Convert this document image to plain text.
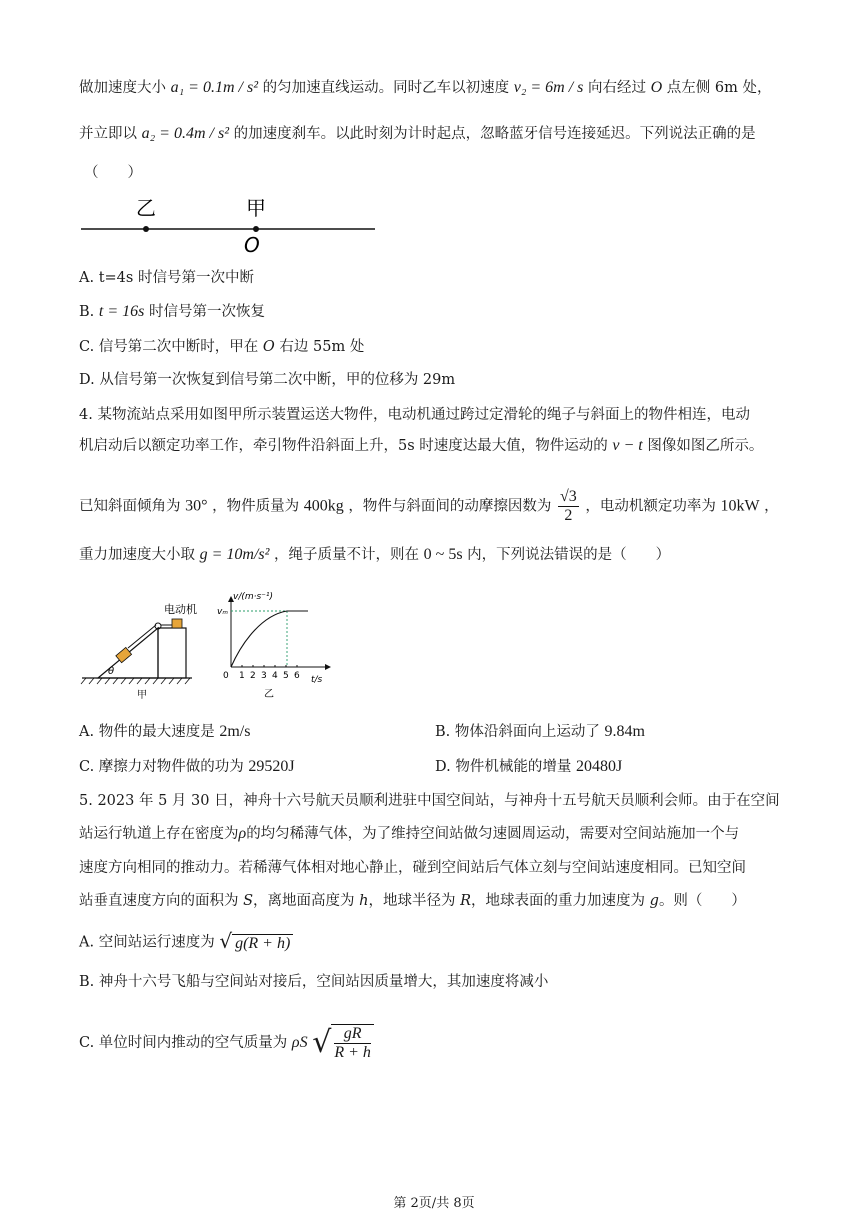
做加速度大小 a₁ = 0.1m / s² 的匀加速直线运动。同时乙车以初速度 v₂ = 6m / s 向右经过 O 点左侧 6m 处，
并立即以 a₂ = 0.4m / s² 的加速度刹车。以此时刻为计时起点，忽略蓝牙信号连接延迟。下列说法正确的是
（　　）
乙	甲
O
A. t=4s 时信号第一次中断
B. t = 16s 时信号第一次恢复
C. 信号第二次中断时，甲在 O 右边 55m 处
D. 从信号第一次恢复到信号第二次中断，甲的位移为 29m
4. 某物流站点采用如图甲所示装置运送大物件，电动机通过跨过定滑轮的绳子与斜面上的物件相连，电动
机启动后以额定功率工作，牵引物件沿斜面上升，5s 时速度达最大值，物件运动的 v − t 图像如图乙所示。
已知斜面倾角为 30° ，物件质量为 400kg ，物件与斜面间的动摩擦因数为 $\frac{√3}{2}$ ，电动机额定功率为 10kW ，
重力加速度大小取 g = 10m/s² ，绳子质量不计，则在 0 ~ 5s 内，下列说法错误的是（　　）
电动机
θ
甲
v/(m·s⁻¹)
vₘ
0 1 2 3 4 5 6 t/s
乙
A. 物件的最大速度是 2m/s	B. 物体沿斜面向上运动了 9.84m
C. 摩擦力对物件做的功为 29520J	D. 物件机械能的增量 20480J
5. 2023 年 5 月 30 日，神舟十六号航天员顺利进驻中国空间站，与神舟十五号航天员顺利会师。由于在空间
站运行轨道上存在密度为ρ的均匀稀薄气体，为了维持空间站做匀速圆周运动，需要对空间站施加一个与
速度方向相同的推动力。若稀薄气体相对地心静止，碰到空间站后气体立刻与空间站速度相同。已知空间
站垂直速度方向的面积为 S，离地面高度为 h，地球半径为 R，地球表面的重力加速度为 g。则（　　）
A. 空间站运行速度为 √ g(R + h)
B. 神舟十六号飞船与空间站对接后，空间站因质量增大，其加速度将减小
C. 单位时间内推动的空气质量为 ρS √ $\frac{gR}{R + h}$
第 2页/共 8页
